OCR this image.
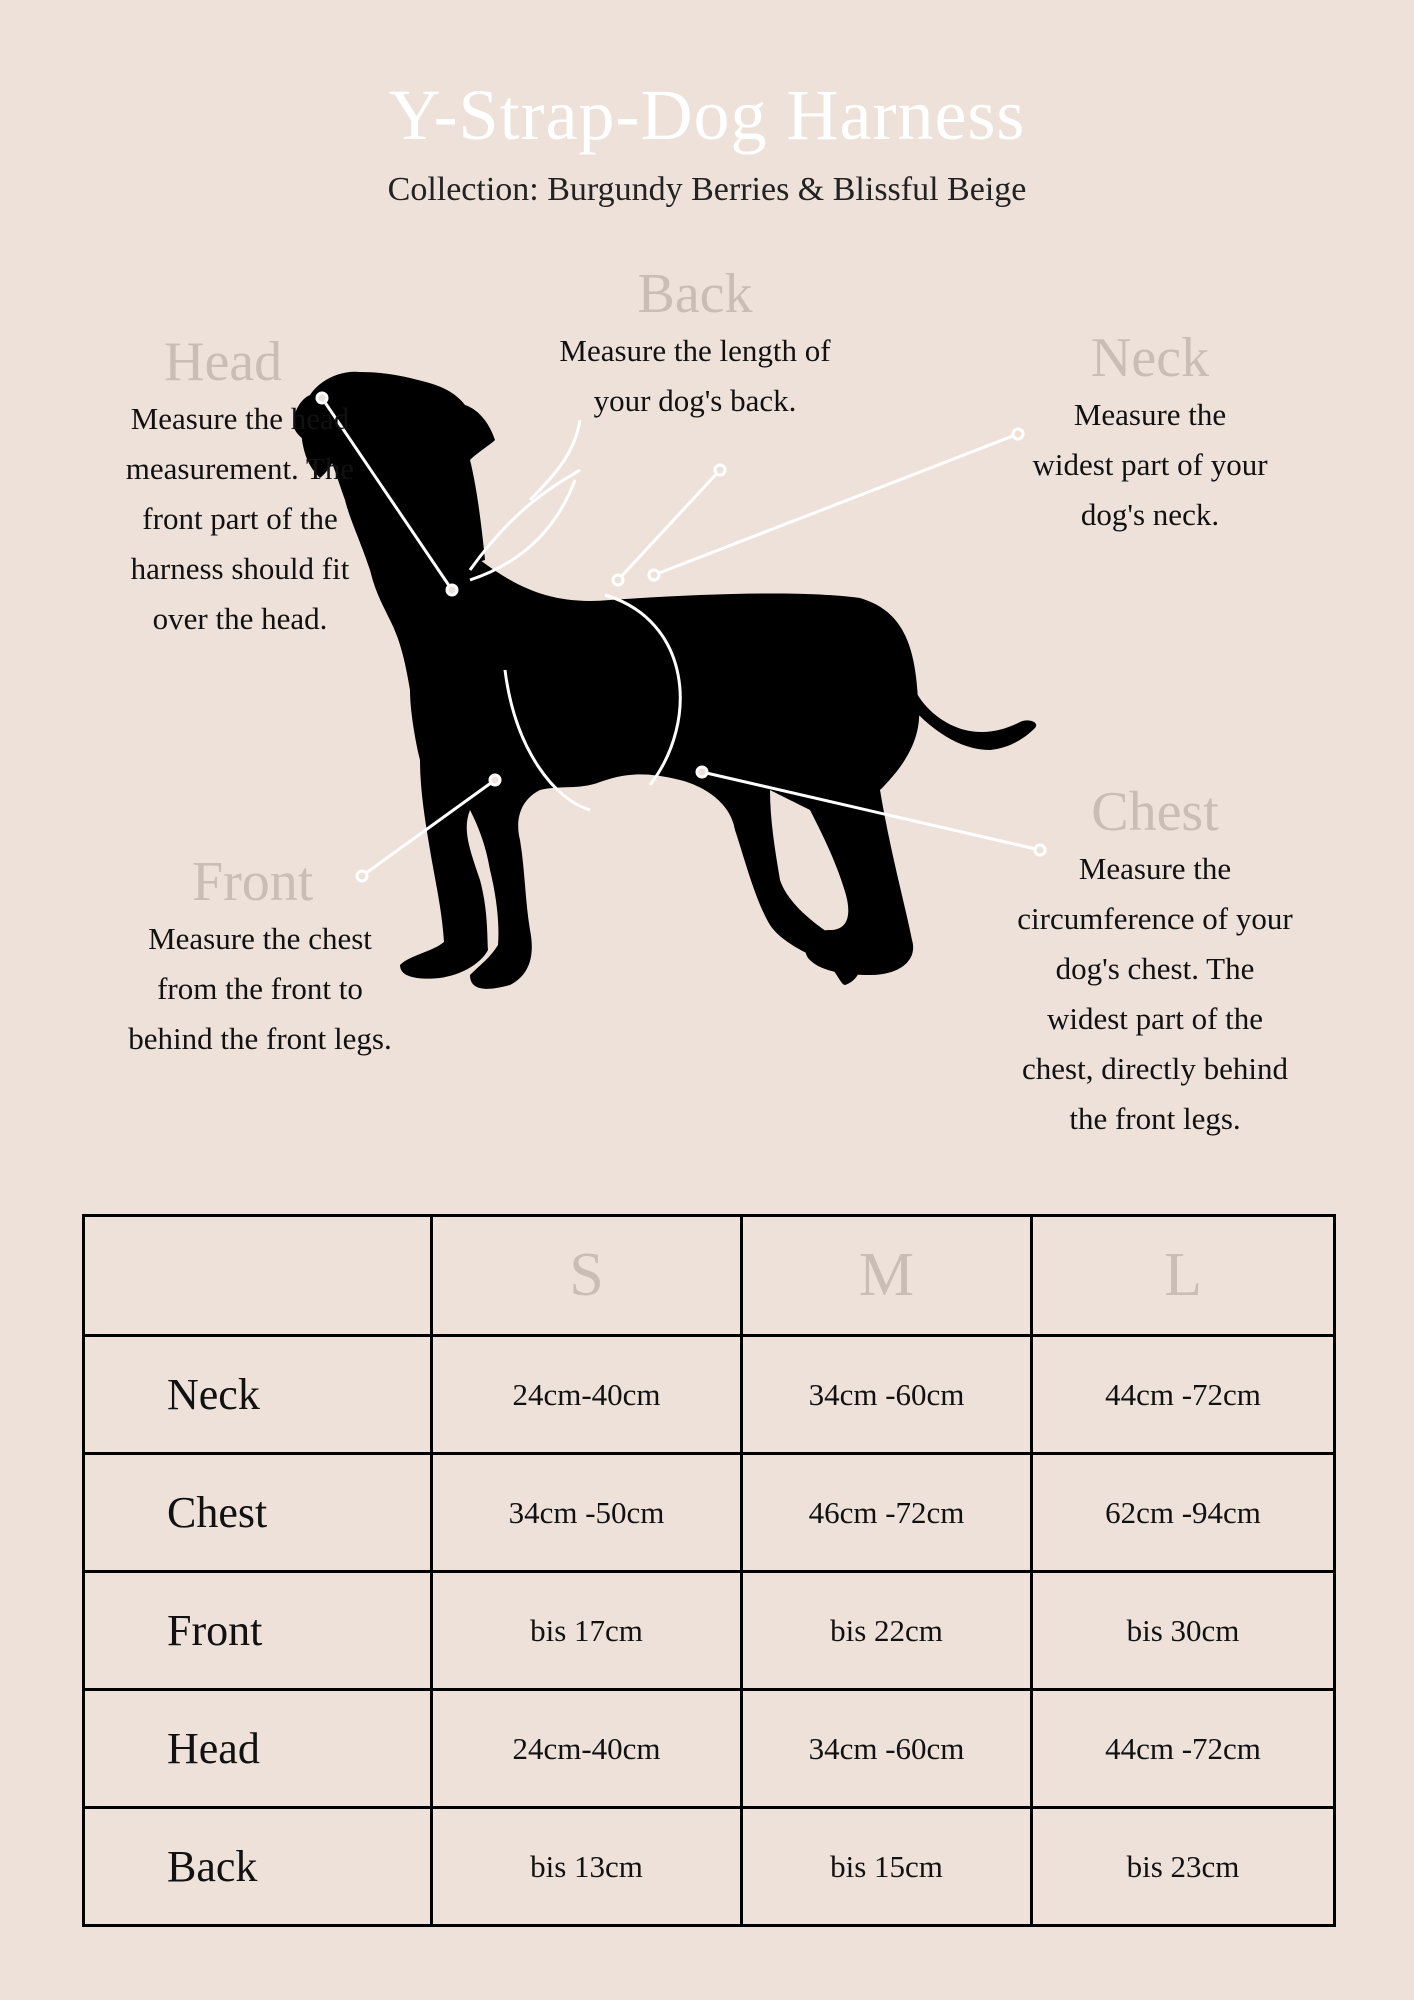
Y-Strap-Dog Harness
Collection: Burgundy Berries & Blissful Beige
Head
Measure the head
measurement. The
front part of the
harness should fit
over the head.
Back
Measure the length of
your dog's back.
Neck
Measure the
widest part of your
dog's neck.
Front
Measure the chest
from the front to
behind the front legs.
Chest
Measure the
circumference of your
dog's chest. The
widest part of the
chest, directly behind
the front legs.
	S	M	L
Neck	24cm-40cm	34cm -60cm	44cm -72cm
Chest	34cm -50cm	46cm -72cm	62cm -94cm
Front	bis 17cm	bis 22cm	bis 30cm
Head	24cm-40cm	34cm -60cm	44cm -72cm
Back	bis 13cm	bis 15cm	bis 23cm
